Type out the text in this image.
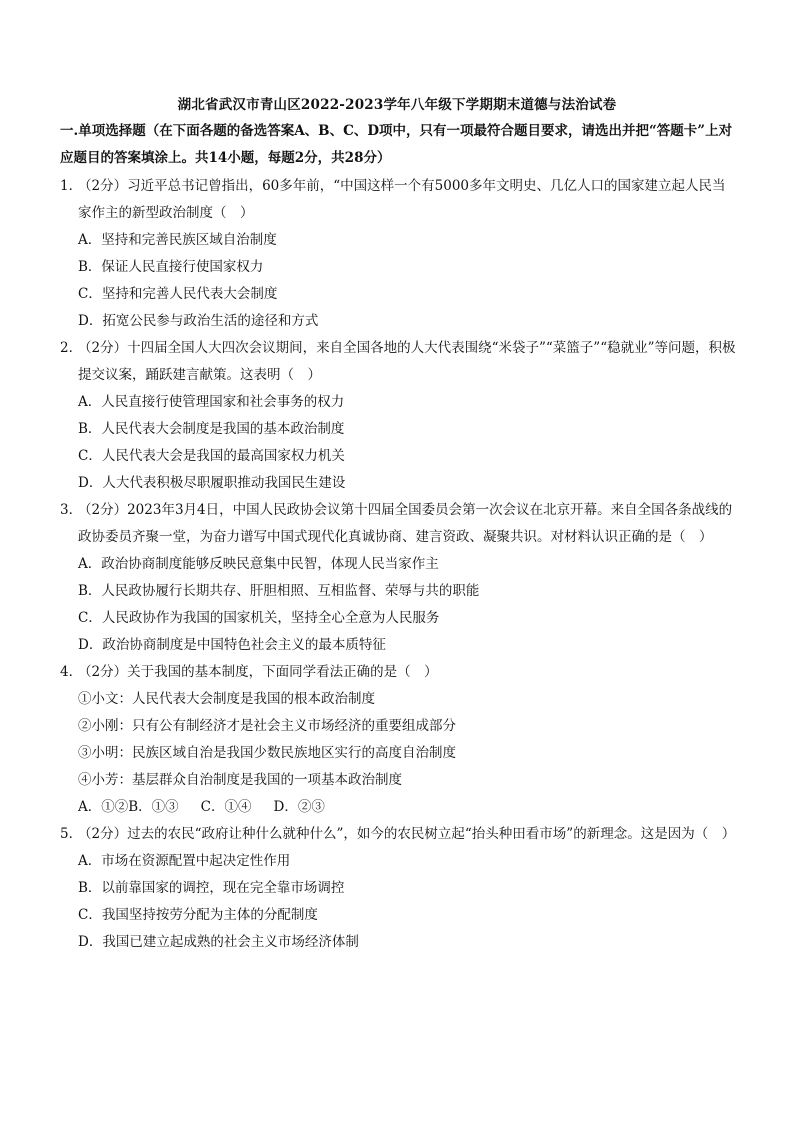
湖北省武汉市青山区2022-2023学年八年级下学期期末道德与法治试卷
一.单项选择题（在下面各题的备选答案A、B、C、D项中，只有一项最符合题目要求，请选出并把“答题卡”上对应题目的答案填涂上。共14小题，每题2分，共28分）
1．
（2分）习近平总书记曾指出，60多年前，“中国这样一个有5000多年文明史、几亿人口的国家建立起人民当家作主的新型政治制度（　）
A．坚持和完善民族区域自治制度
B．保证人民直接行使国家权力
C．坚持和完善人民代表大会制度
D．拓宽公民参与政治生活的途径和方式
2．
（2分）十四届全国人大四次会议期间，来自全国各地的人大代表围绕“米袋子”“菜篮子”“稳就业”等问题，积极提交议案，踊跃建言献策。这表明（　）
A．人民直接行使管理国家和社会事务的权力
B．人民代表大会制度是我国的基本政治制度
C．人民代表大会是我国的最高国家权力机关
D．人大代表积极尽职履职推动我国民生建设
3．
（2分）2023年3月4日，中国人民政协会议第十四届全国委员会第一次会议在北京开幕。来自全国各条战线的政协委员齐聚一堂，为奋力谱写中国式现代化真诚协商、建言资政、凝聚共识。对材料认识正确的是（　）
A．政治协商制度能够反映民意集中民智，体现人民当家作主
B．人民政协履行长期共存、肝胆相照、互相监督、荣辱与共的职能
C．人民政协作为我国的国家机关，坚持全心全意为人民服务
D．政治协商制度是中国特色社会主义的最本质特征
4．
（2分）关于我国的基本制度，下面同学看法正确的是（　）
①小文：人民代表大会制度是我国的根本政治制度
②小刚：只有公有制经济才是社会主义市场经济的重要组成部分
③小明：民族区域自治是我国少数民族地区实行的高度自治制度
④小芳：基层群众自治制度是我国的一项基本政治制度
A．①②B．①③ C．①④ D．②③
5．
（2分）过去的农民“政府让种什么就种什么”，如今的农民树立起“抬头种田看市场”的新理念。这是因为（　）
A．市场在资源配置中起决定性作用
B．以前靠国家的调控，现在完全靠市场调控
C．我国坚持按劳分配为主体的分配制度
D．我国已建立起成熟的社会主义市场经济体制
